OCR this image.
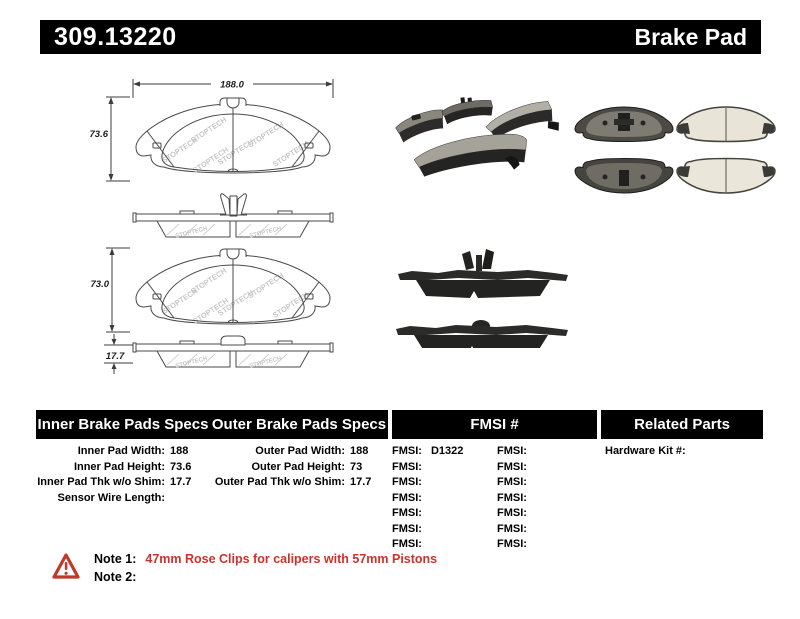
309.13220	Brake Pad
188.0
73.6
73.0
17.7
Inner Brake Pads Specs Outer Brake Pads Specs	FMSI #	Related Parts
Inner Pad Width: 188
Inner Pad Height: 73.6
Inner Pad Thk w/o Shim: 17.7
Sensor Wire Length:
Outer Pad Width: 188
Outer Pad Height: 73
Outer Pad Thk w/o Shim: 17.7
FMSI: D1322
FMSI:
FMSI:
FMSI:
FMSI:
FMSI:
FMSI:
FMSI:
FMSI:
FMSI:
FMSI:
FMSI:
FMSI:
FMSI:
Hardware Kit #:
Note 1: 47mm Rose Clips for calipers with 57mm Pistons
Note 2:
